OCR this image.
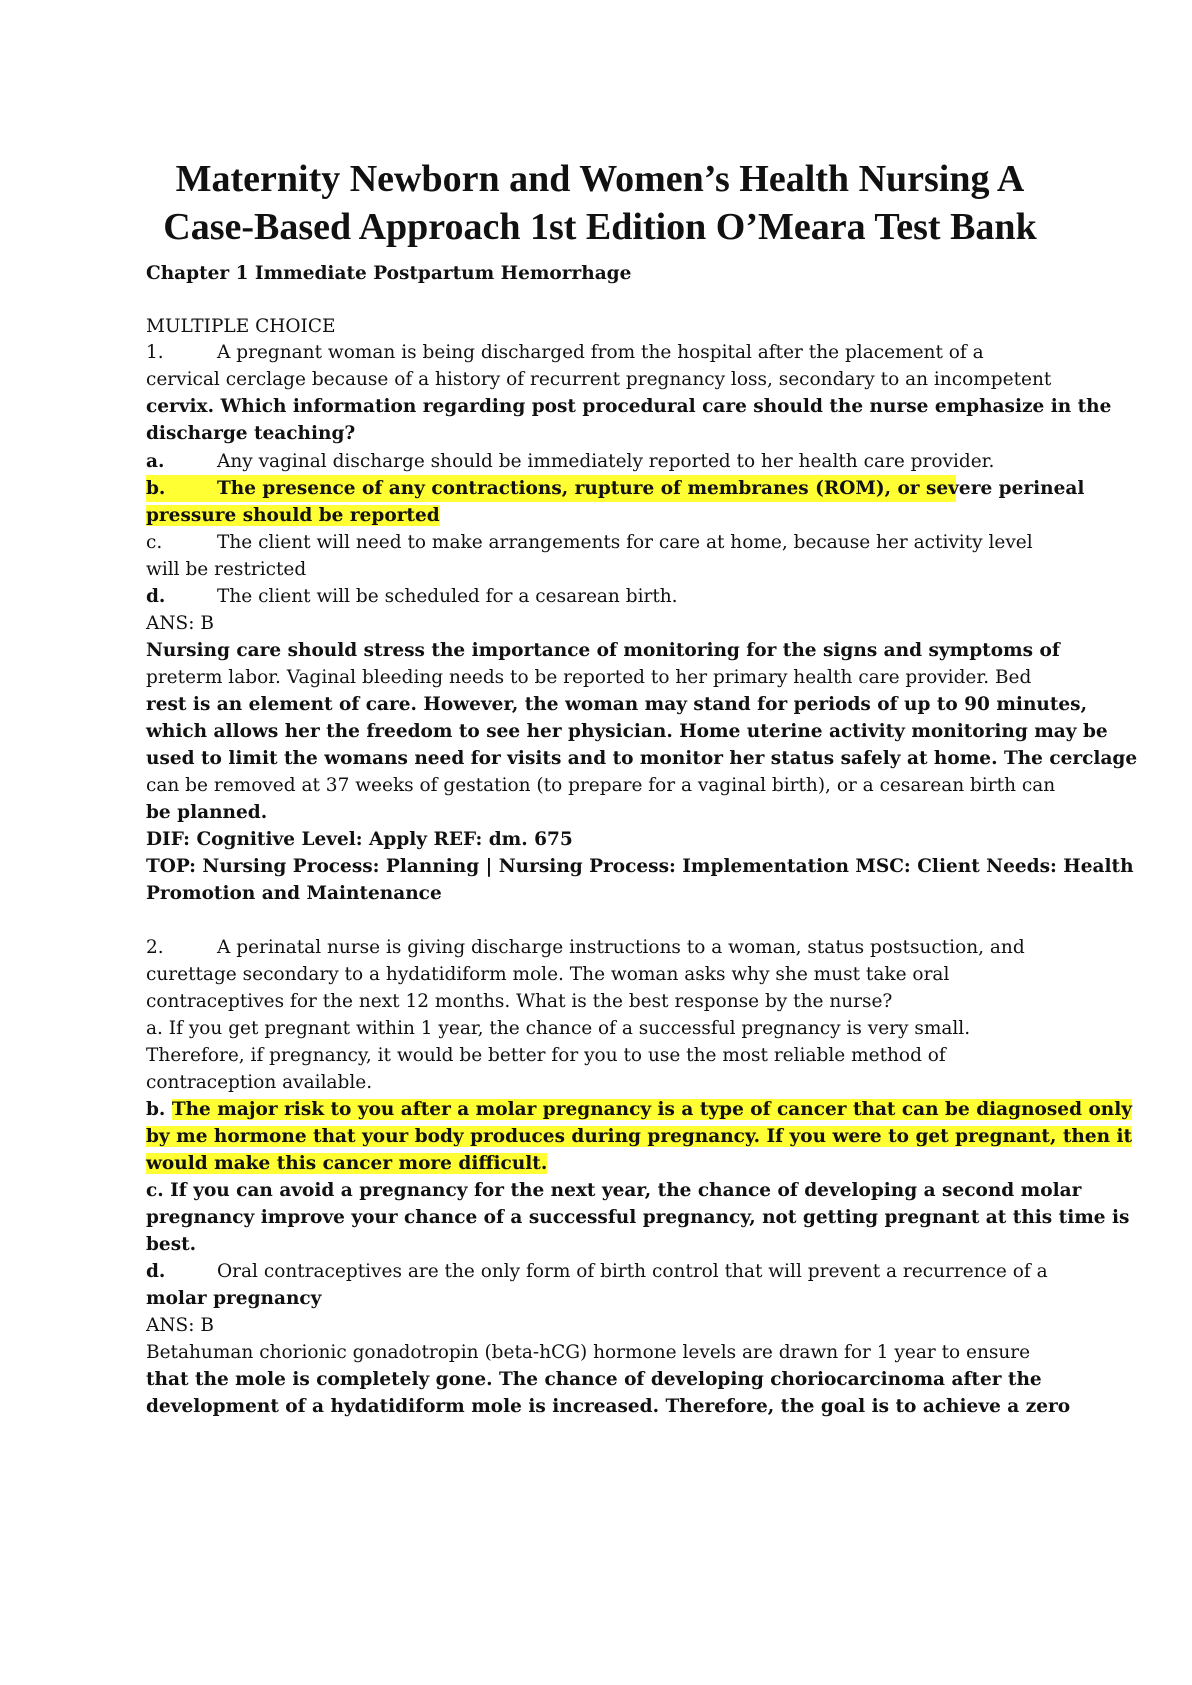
Maternity Newborn and Women’s Health Nursing A
Case-Based Approach 1st Edition O’Meara Test Bank
Chapter 1 Immediate Postpartum Hemorrhage
MULTIPLE CHOICE
1.	A pregnant woman is being discharged from the hospital after the placement of a
cervical cerclage because of a history of recurrent pregnancy loss, secondary to an incompetent
cervix. Which information regarding post procedural care should the nurse emphasize in the
discharge teaching?
a.	Any vaginal discharge should be immediately reported to her health care provider.
b.	The presence of any contractions, rupture of membranes (ROM), or severe perineal
pressure should be reported
c.	The client will need to make arrangements for care at home, because her activity level
will be restricted
d.	The client will be scheduled for a cesarean birth.
ANS: B
Nursing care should stress the importance of monitoring for the signs and symptoms of
preterm labor. Vaginal bleeding needs to be reported to her primary health care provider. Bed
rest is an element of care. However, the woman may stand for periods of up to 90 minutes,
which allows her the freedom to see her physician. Home uterine activity monitoring may be
used to limit the womans need for visits and to monitor her status safely at home. The cerclage
can be removed at 37 weeks of gestation (to prepare for a vaginal birth), or a cesarean birth can
be planned.
DIF: Cognitive Level: Apply REF: dm. 675
TOP: Nursing Process: Planning | Nursing Process: Implementation MSC: Client Needs: Health
Promotion and Maintenance
2.	A perinatal nurse is giving discharge instructions to a woman, status postsuction, and
curettage secondary to a hydatidiform mole. The woman asks why she must take oral
contraceptives for the next 12 months. What is the best response by the nurse?
a. If you get pregnant within 1 year, the chance of a successful pregnancy is very small.
Therefore, if pregnancy, it would be better for you to use the most reliable method of
contraception available.
b. The major risk to you after a molar pregnancy is a type of cancer that can be diagnosed only
by me hormone that your body produces during pregnancy. If you were to get pregnant, then it
would make this cancer more difficult.
c. If you can avoid a pregnancy for the next year, the chance of developing a second molar
pregnancy improve your chance of a successful pregnancy, not getting pregnant at this time is
best.
d.	Oral contraceptives are the only form of birth control that will prevent a recurrence of a
molar pregnancy
ANS: B
Betahuman chorionic gonadotropin (beta-hCG) hormone levels are drawn for 1 year to ensure
that the mole is completely gone. The chance of developing choriocarcinoma after the
development of a hydatidiform mole is increased. Therefore, the goal is to achieve a zero
